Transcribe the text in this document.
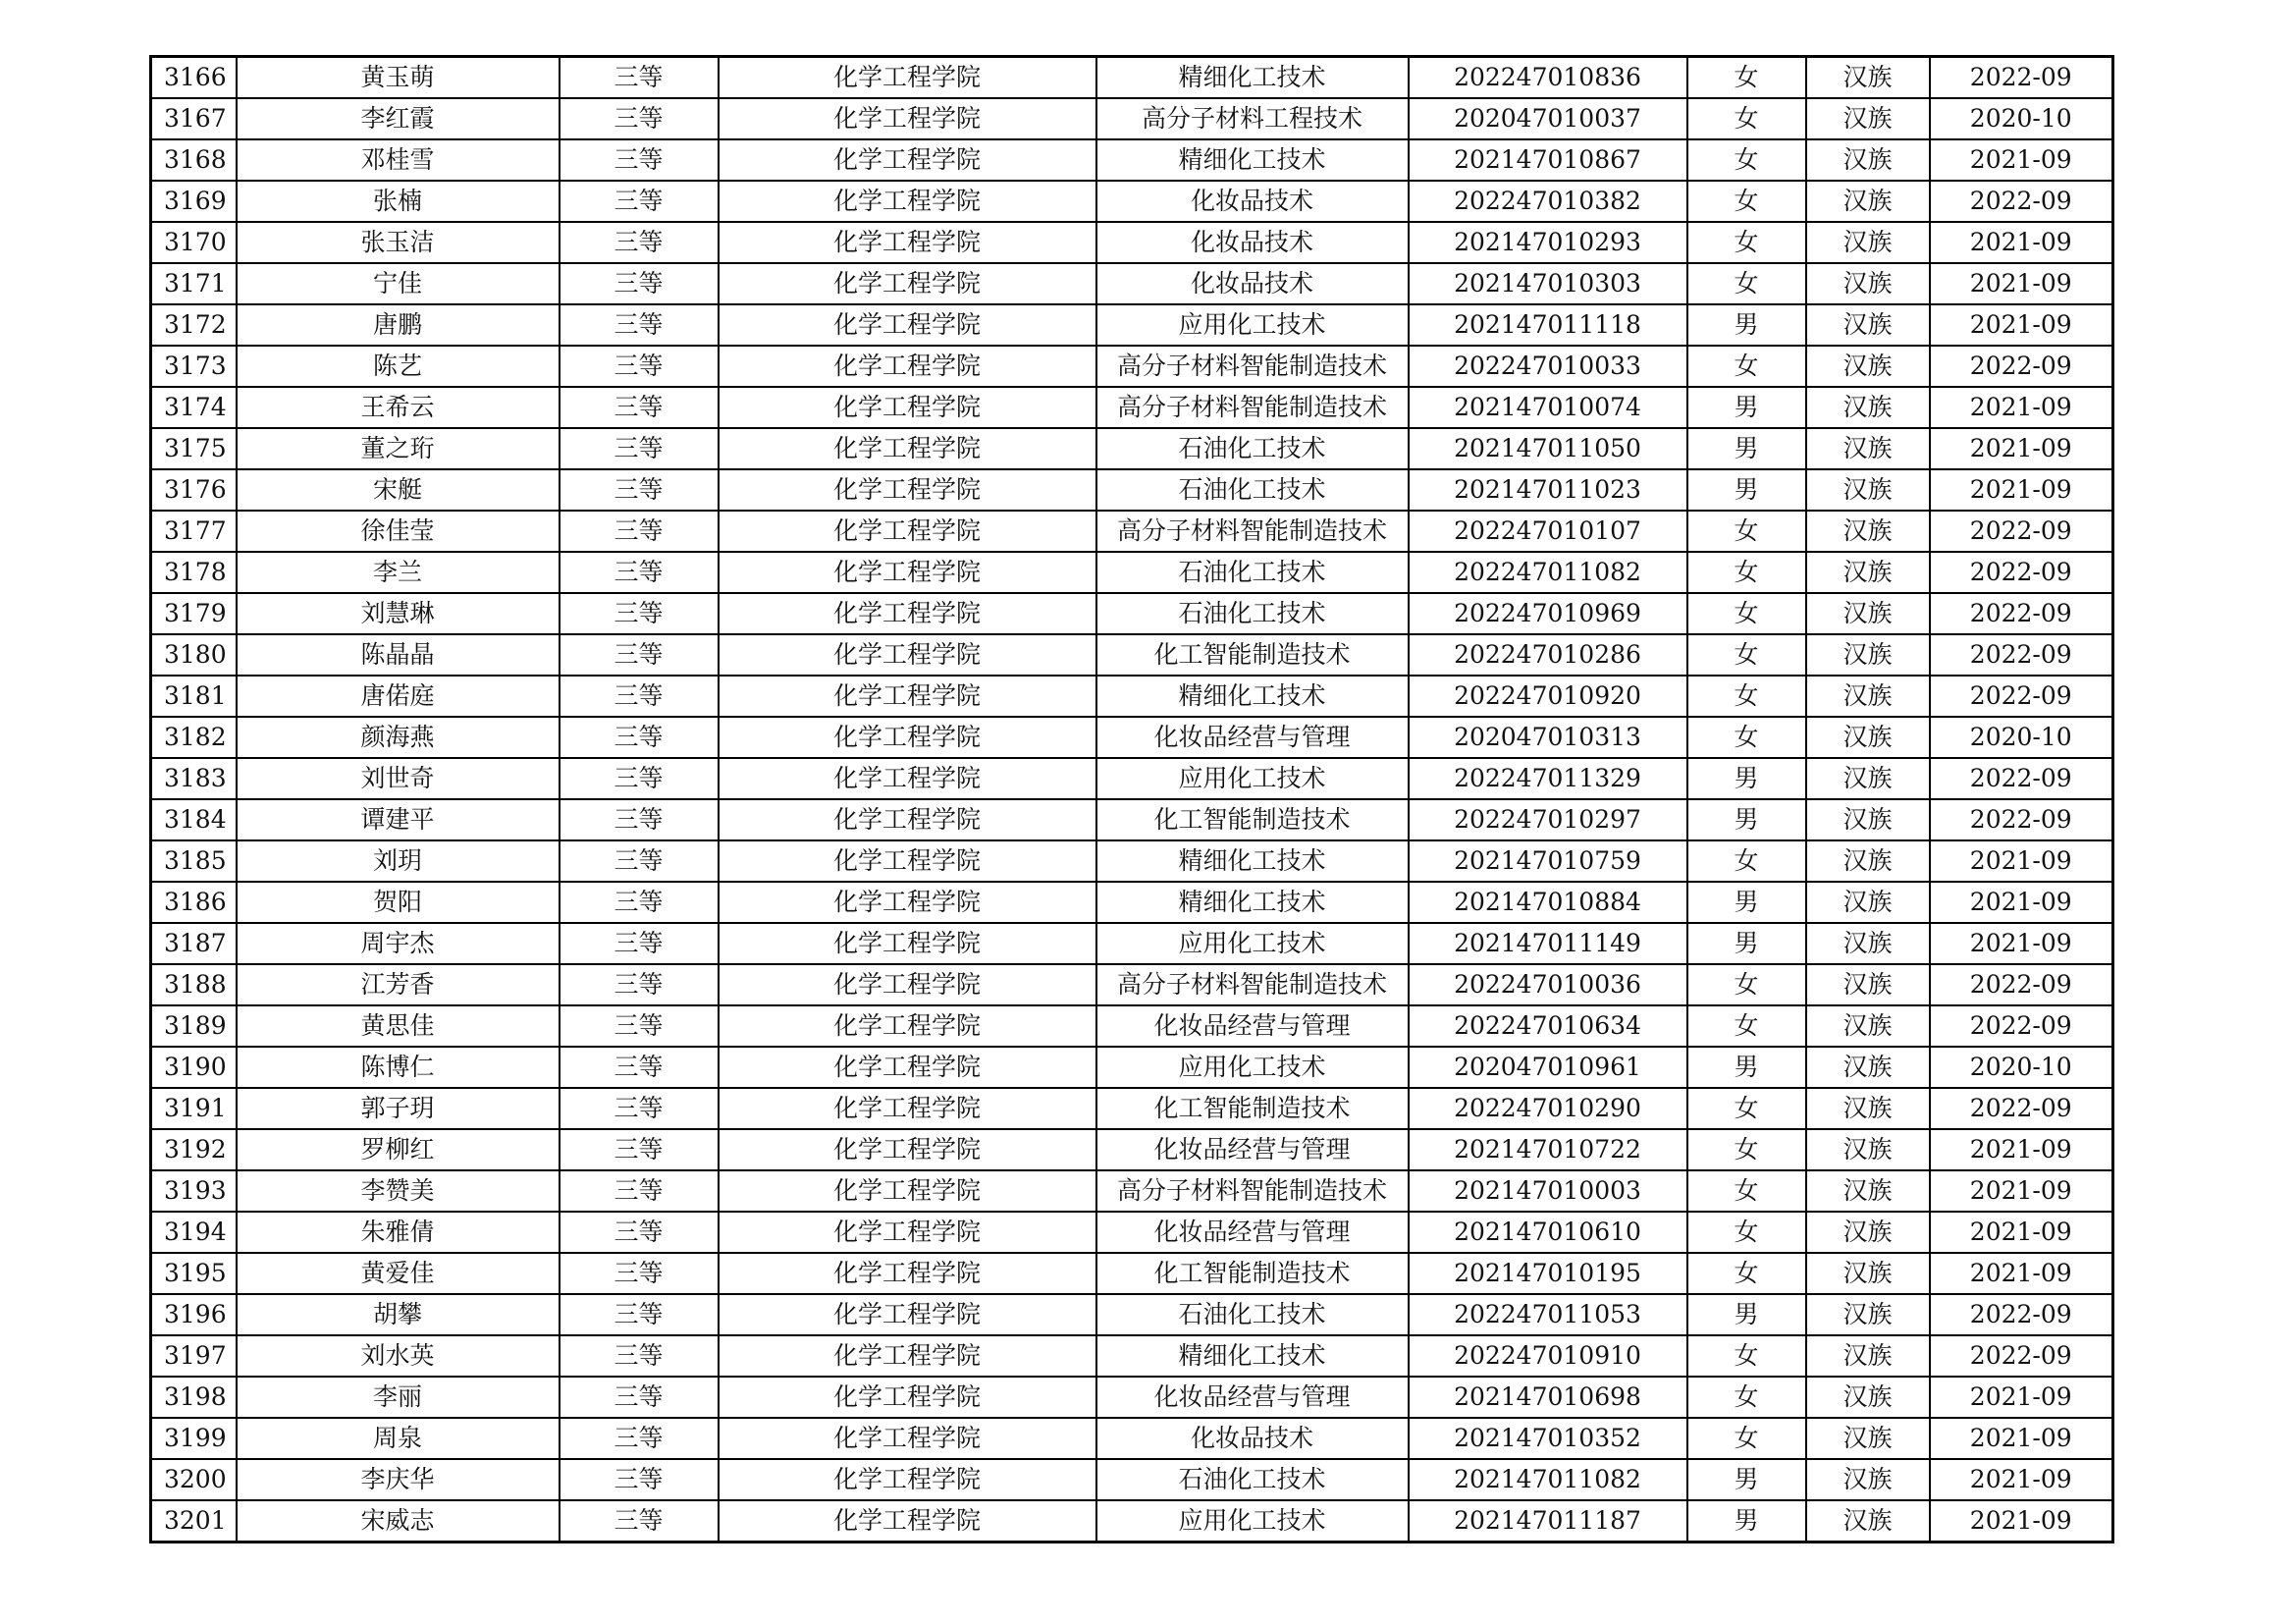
3166	黄玉萌	三等	化学工程学院	精细化工技术	202247010836	女	汉族	2022-09
3167	李红霞	三等	化学工程学院	高分子材料工程技术	202047010037	女	汉族	2020-10
3168	邓桂雪	三等	化学工程学院	精细化工技术	202147010867	女	汉族	2021-09
3169	张楠	三等	化学工程学院	化妆品技术	202247010382	女	汉族	2022-09
3170	张玉洁	三等	化学工程学院	化妆品技术	202147010293	女	汉族	2021-09
3171	宁佳	三等	化学工程学院	化妆品技术	202147010303	女	汉族	2021-09
3172	唐鹏	三等	化学工程学院	应用化工技术	202147011118	男	汉族	2021-09
3173	陈艺	三等	化学工程学院	高分子材料智能制造技术	202247010033	女	汉族	2022-09
3174	王希云	三等	化学工程学院	高分子材料智能制造技术	202147010074	男	汉族	2021-09
3175	董之珩	三等	化学工程学院	石油化工技术	202147011050	男	汉族	2021-09
3176	宋艇	三等	化学工程学院	石油化工技术	202147011023	男	汉族	2021-09
3177	徐佳莹	三等	化学工程学院	高分子材料智能制造技术	202247010107	女	汉族	2022-09
3178	李兰	三等	化学工程学院	石油化工技术	202247011082	女	汉族	2022-09
3179	刘慧琳	三等	化学工程学院	石油化工技术	202247010969	女	汉族	2022-09
3180	陈晶晶	三等	化学工程学院	化工智能制造技术	202247010286	女	汉族	2022-09
3181	唐偌庭	三等	化学工程学院	精细化工技术	202247010920	女	汉族	2022-09
3182	颜海燕	三等	化学工程学院	化妆品经营与管理	202047010313	女	汉族	2020-10
3183	刘世奇	三等	化学工程学院	应用化工技术	202247011329	男	汉族	2022-09
3184	谭建平	三等	化学工程学院	化工智能制造技术	202247010297	男	汉族	2022-09
3185	刘玥	三等	化学工程学院	精细化工技术	202147010759	女	汉族	2021-09
3186	贺阳	三等	化学工程学院	精细化工技术	202147010884	男	汉族	2021-09
3187	周宇杰	三等	化学工程学院	应用化工技术	202147011149	男	汉族	2021-09
3188	江芳香	三等	化学工程学院	高分子材料智能制造技术	202247010036	女	汉族	2022-09
3189	黄思佳	三等	化学工程学院	化妆品经营与管理	202247010634	女	汉族	2022-09
3190	陈博仁	三等	化学工程学院	应用化工技术	202047010961	男	汉族	2020-10
3191	郭子玥	三等	化学工程学院	化工智能制造技术	202247010290	女	汉族	2022-09
3192	罗柳红	三等	化学工程学院	化妆品经营与管理	202147010722	女	汉族	2021-09
3193	李赞美	三等	化学工程学院	高分子材料智能制造技术	202147010003	女	汉族	2021-09
3194	朱雅倩	三等	化学工程学院	化妆品经营与管理	202147010610	女	汉族	2021-09
3195	黄爱佳	三等	化学工程学院	化工智能制造技术	202147010195	女	汉族	2021-09
3196	胡攀	三等	化学工程学院	石油化工技术	202247011053	男	汉族	2022-09
3197	刘水英	三等	化学工程学院	精细化工技术	202247010910	女	汉族	2022-09
3198	李丽	三等	化学工程学院	化妆品经营与管理	202147010698	女	汉族	2021-09
3199	周泉	三等	化学工程学院	化妆品技术	202147010352	女	汉族	2021-09
3200	李庆华	三等	化学工程学院	石油化工技术	202147011082	男	汉族	2021-09
3201	宋威志	三等	化学工程学院	应用化工技术	202147011187	男	汉族	2021-09
